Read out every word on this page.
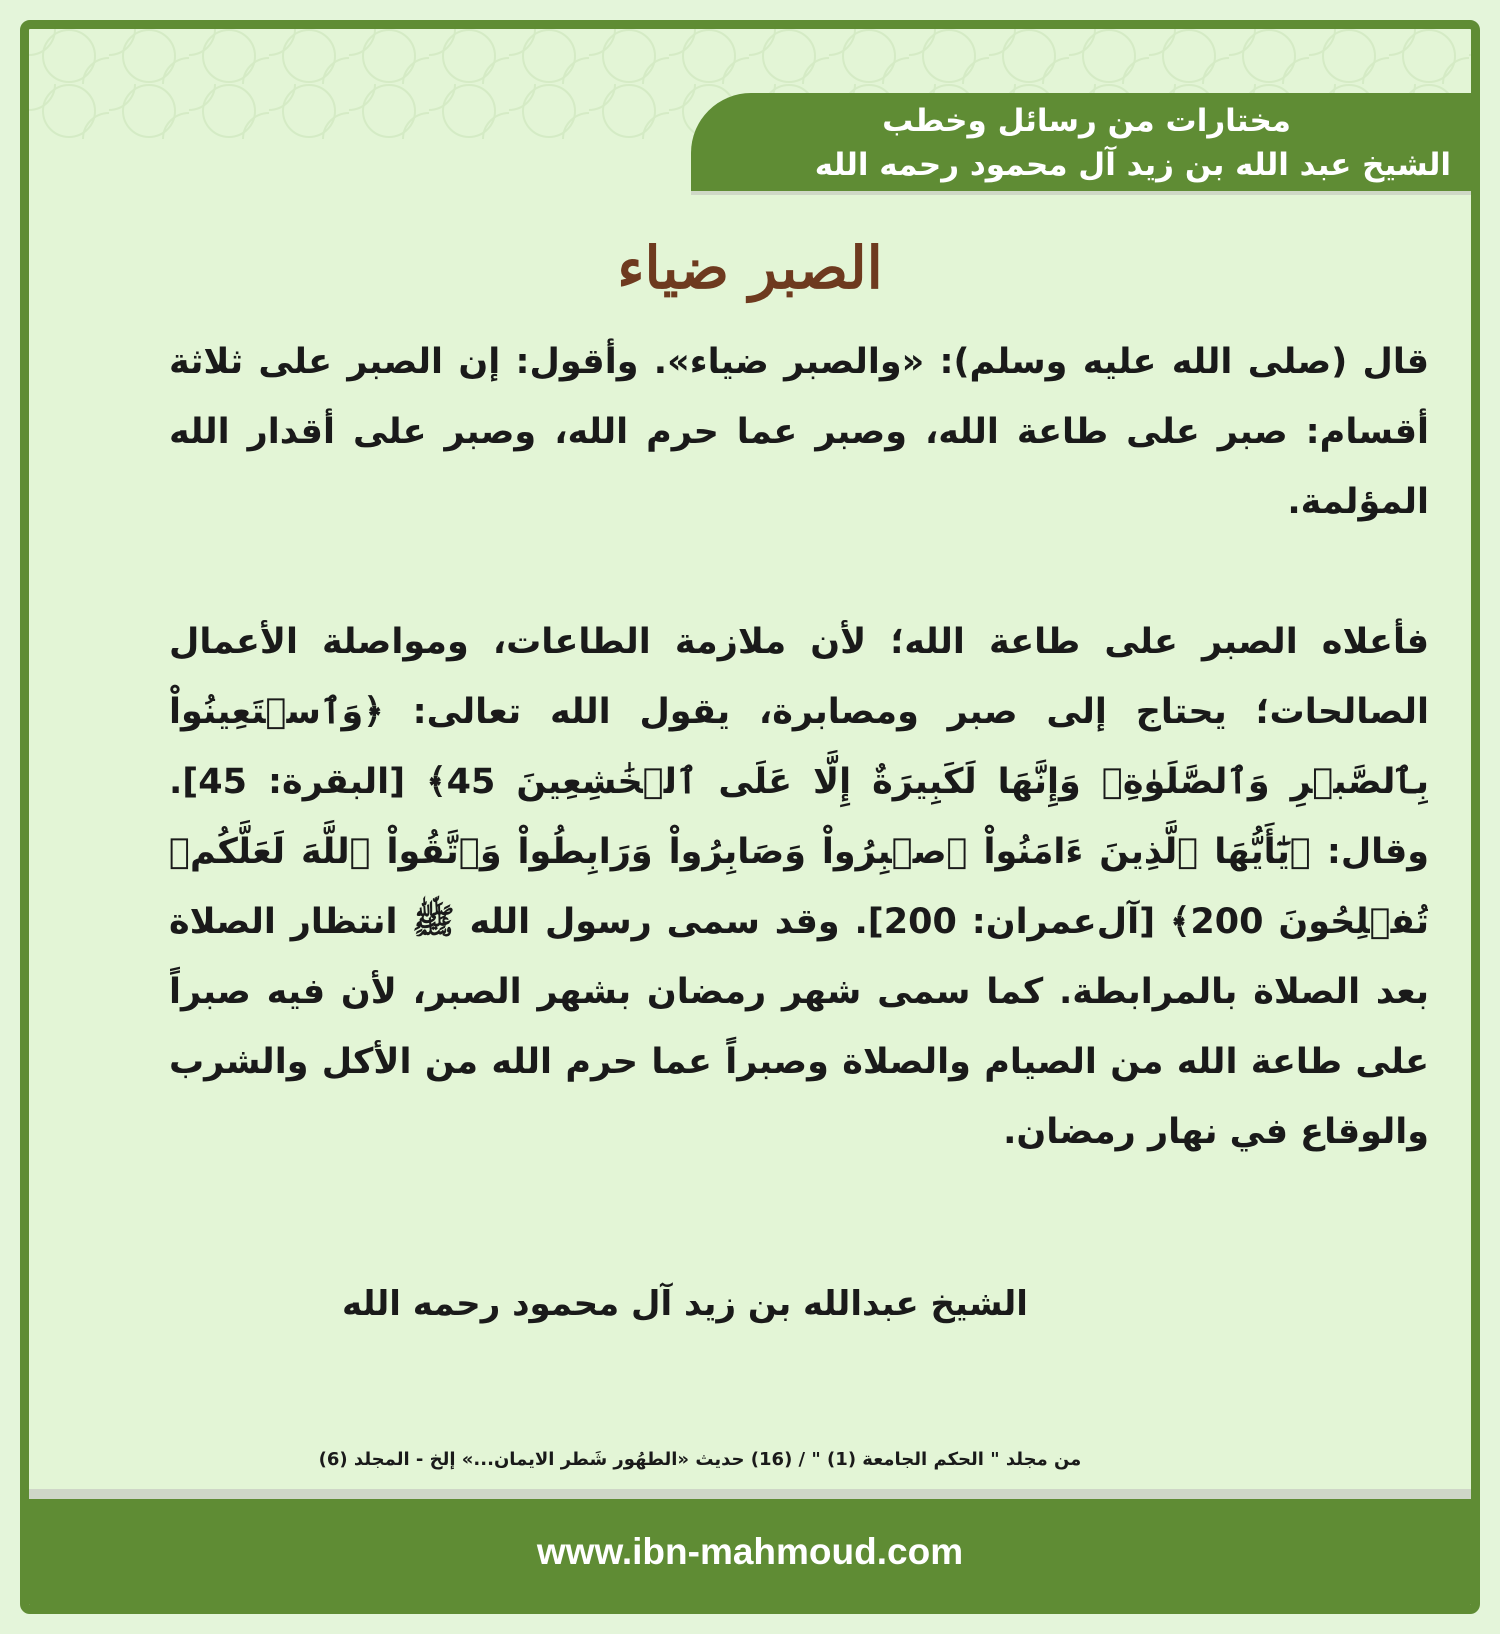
مختارات من رسائل وخطب
الشيخ عبد الله بن زيد آل محمود رحمه الله
الصبر ضياء

قال (صلى الله عليه وسلم): «والصبر ضياء». وأقول: إن الصبر على ثلاثة أقسام: صبر على طاعة الله، وصبر عما حرم الله، وصبر على أقدار الله المؤلمة.

فأعلاه الصبر على طاعة الله؛ لأن ملازمة الطاعات، ومواصلة الأعمال الصالحات؛ يحتاج إلى صبر ومصابرة، يقول الله تعالى: ﴿وَٱسۡتَعِينُواْ بِٱلصَّبۡرِ وَٱلصَّلَوٰةِۚ وَإِنَّهَا لَكَبِيرَةٌ إِلَّا عَلَى ٱلۡخَٰشِعِينَ 45﴾ [البقرة: 45]. وقال: ﴿يَٰٓأَيُّهَا ٱلَّذِينَ ءَامَنُواْ ٱصۡبِرُواْ وَصَابِرُواْ وَرَابِطُواْ وَٱتَّقُواْ ٱللَّهَ لَعَلَّكُمۡ تُفۡلِحُونَ 200﴾ [آل‌عمران: 200]. وقد سمى رسول الله ﷺ انتظار الصلاة بعد الصلاة بالمرابطة. كما سمى شهر رمضان بشهر الصبر، لأن فيه صبراً على طاعة الله من الصيام والصلاة وصبراً عما حرم الله من الأكل والشرب والوقاع في نهار رمضان.

الشيخ عبدالله بن زيد آل محمود رحمه الله
من مجلد " الحكم الجامعة (1) " / (16) حديث «الطهُور شَطر الايمان...» إلخ - المجلد (6)
www.ibn-mahmoud.com
